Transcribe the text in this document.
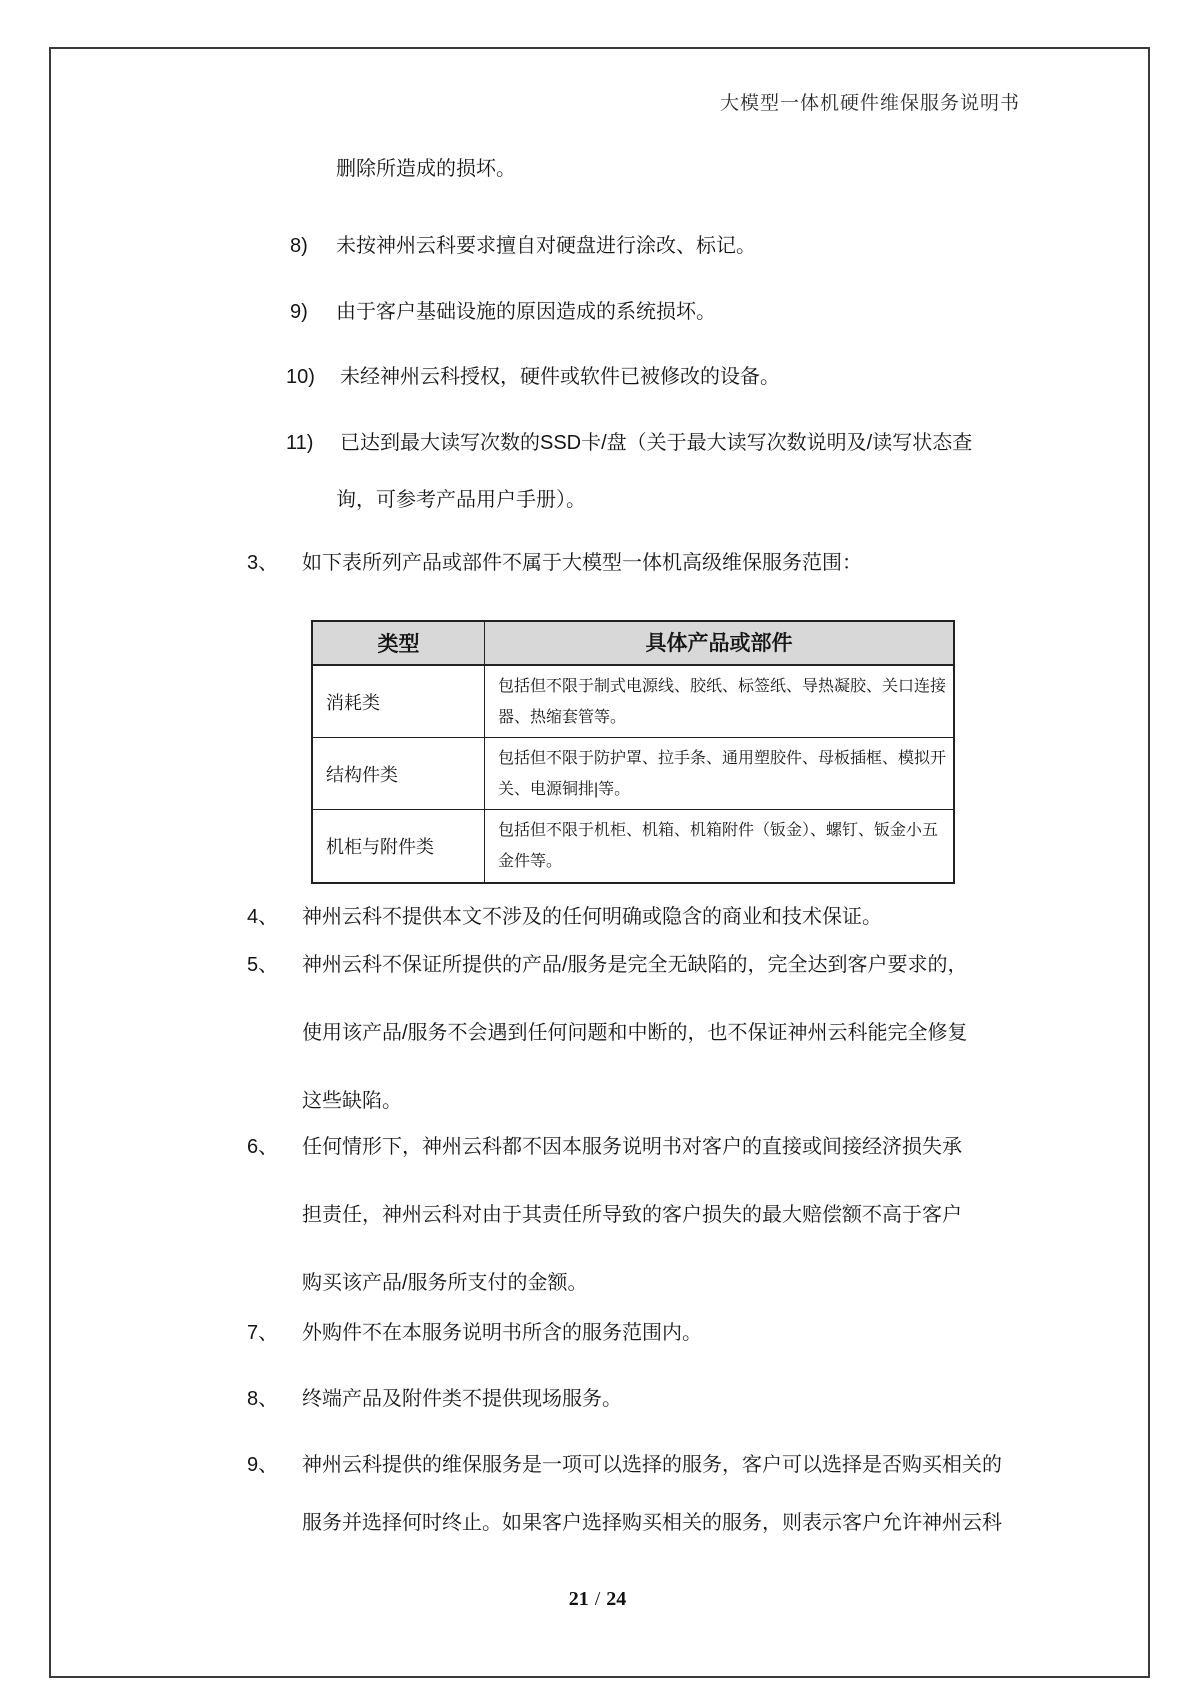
大模型一体机硬件维保服务说明书
删除所造成的损坏。
8) 未按神州云科要求擅自对硬盘进行涂改、标记。
9) 由于客户基础设施的原因造成的系统损坏。
10) 未经神州云科授权，硬件或软件已被修改的设备。
11) 已达到最大读写次数的SSD卡/盘（关于最大读写次数说明及/读写状态查
询，可参考产品用户手册）。
3、 如下表所列产品或部件不属于大模型一体机高级维保服务范围：
类型	具体产品或部件
消耗类
包括但不限于制式电源线、胶纸、标签纸、导热凝胶、关口连接
器、热缩套管等。
结构件类
包括但不限于防护罩、拉手条、通用塑胶件、母板插框、模拟开
关、电源铜排|等。
机柜与附件类
包括但不限于机柜、机箱、机箱附件（钣金）、螺钉、钣金小五
金件等。
4、 神州云科不提供本文不涉及的任何明确或隐含的商业和技术保证。
5、 神州云科不保证所提供的产品/服务是完全无缺陷的，完全达到客户要求的，
使用该产品/服务不会遇到任何问题和中断的，也不保证神州云科能完全修复
这些缺陷。
6、 任何情形下，神州云科都不因本服务说明书对客户的直接或间接经济损失承
担责任，神州云科对由于其责任所导致的客户损失的最大赔偿额不高于客户
购买该产品/服务所支付的金额。
7、 外购件不在本服务说明书所含的服务范围内。
8、 终端产品及附件类不提供现场服务。
9、 神州云科提供的维保服务是一项可以选择的服务，客户可以选择是否购买相关的
服务并选择何时终止。如果客户选择购买相关的服务，则表示客户允许神州云科
21 / 24
